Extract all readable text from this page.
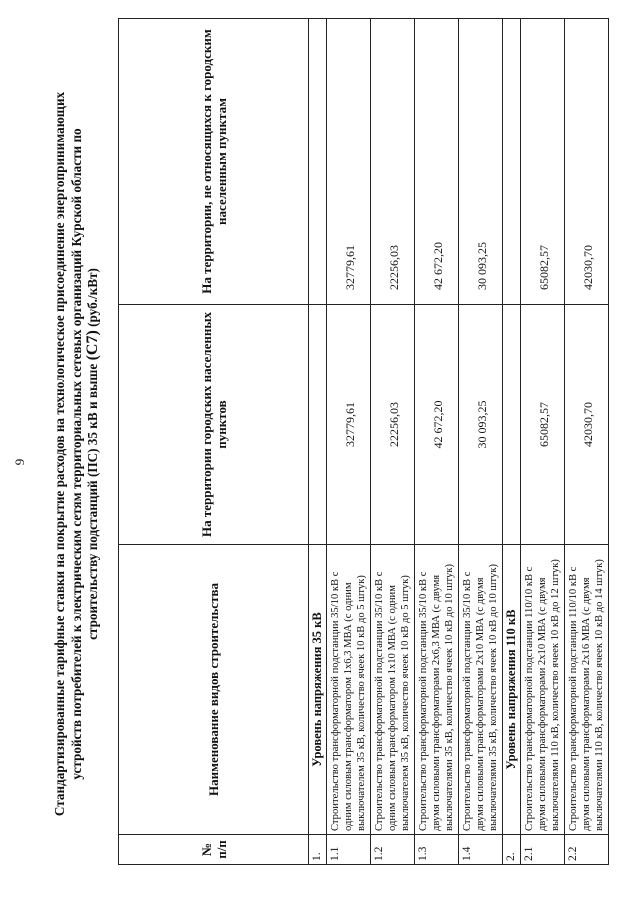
9 Стандартизированные тарифные ставки на покрытие расходов на технологическое присоединение энергопринимающих устройств потребителей к электрическим сетям территориальных сетевых организаций Курской области по строительству подстанций (ПС) 35 кВ и выше (C7) (руб./кВт)
№ п/п	Наименование видов строительства	На территории городских населенных пунктов	На территории, не относящихся к городским населенным пунктам
1.	Уровень напряжения 35 кВ		
1.1	Строительство трансформаторной подстанции 35/10 кВ с одним силовым трансформатором 1х6,3 МВА (с одним выключателем 35 кВ, количество ячеек 10 кВ до 5 штук)	32779,61	32779,61
1.2	Строительство трансформаторной подстанции 35/10 кВ с одним силовым трансформатором 1х10 МВА (с одним выключателем 35 кВ, количество ячеек 10 кВ до 5 штук)	22256,03	22256,03
1.3	Строительство трансформаторной подстанции 35/10 кВ с двумя силовыми трансформаторами 2х6,3 МВА (с двумя выключателями 35 кВ, количество ячеек 10 кВ до 10 штук)	42 672,20	42 672,20
1.4	Строительство трансформаторной подстанции 35/10 кВ с двумя силовыми трансформаторами 2х10 МВА (с двумя выключателями 35 кВ, количество ячеек 10 кВ до 10 штук)	30 093,25	30 093,25
2.	Уровень напряжения 110 кВ		
2.1	Строительство трансформаторной подстанции 110/10 кВ с двумя силовыми трансформаторами 2х10 МВА (с двумя выключателями 110 кВ, количество ячеек 10 кВ до 12 штук)	65082,57	65082,57
2.2	Строительство трансформаторной подстанции 110/10 кВ с двумя силовыми трансформаторами 2х16 МВА (с двумя выключателями 110 кВ, количество ячеек 10 кВ до 14 штук)	42030,70	42030,70
